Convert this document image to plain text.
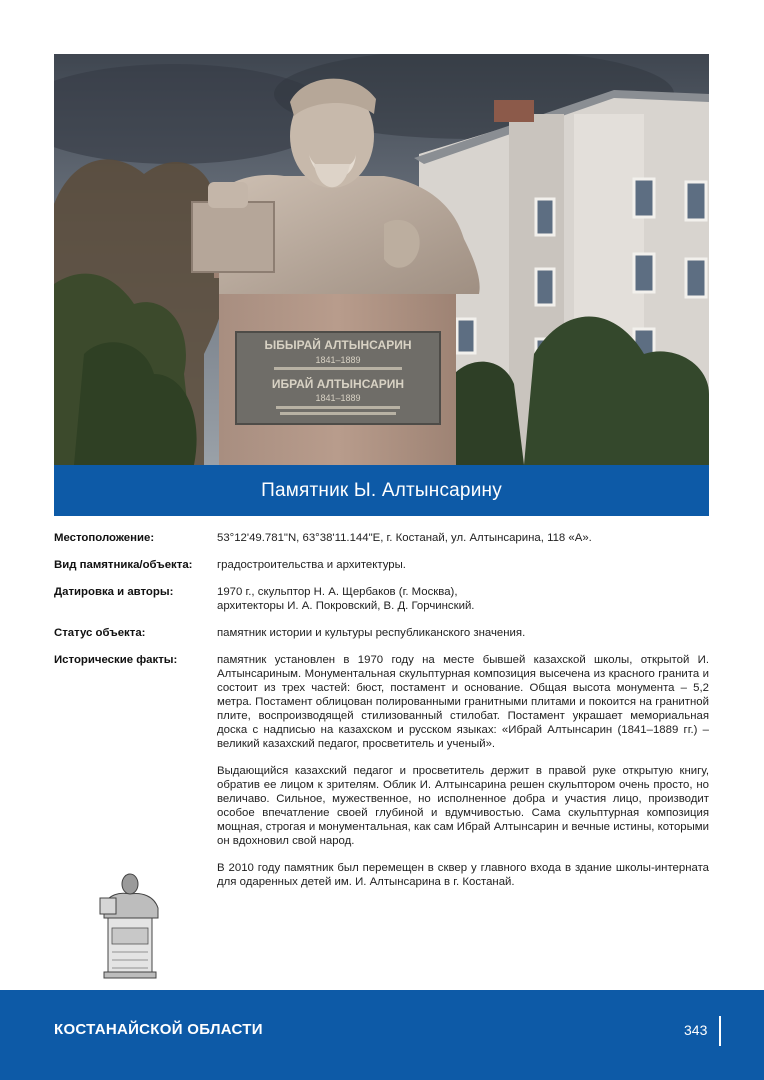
ЫБЫРАЙ АЛТЫНСАРИН
1841–1889
ИБРАЙ АЛТЫНСАРИН
1841–1889
Памятник Ы. Алтынсарину
Местоположение:	53°12'49.781"N, 63°38'11.144"E, г. Костанай, ул. Алтынсарина, 118 «А».
Вид памятника/объекта:	градостроительства и архитектуры.
Датировка и авторы:	1970 г., скульптор Н. А. Щербаков (г. Москва),
архитекторы И. А. Покровский, В. Д. Горчинский.
Статус объекта:	памятник истории и культуры республиканского значения.
Исторические факты:	памятник установлен в 1970 году на месте бывшей казахской школы, открытой И. Алтынсариным. Монументальная скульптурная композиция высечена из красного гранита и состоит из трех частей: бюст, постамент и основание. Общая высота монумента – 5,2 метра. Постамент облицован полированными гранитными плитами и покоится на гранитной плите, воспроизводящей стилизованный стилобат. Постамент украшает мемориальная доска с надписью на казахском и русском языках: «Ибрай Алтынсарин (1841–1889 гг.) – великий казахский педагог, просветитель и ученый».

Выдающийся казахский педагог и просветитель держит в правой руке открытую книгу, обратив ее лицом к зрителям. Облик И. Алтынсарина решен скульптором очень просто, но величаво. Сильное, мужественное, но исполненное добра и участия лицо, производит особое впечатление своей глубиной и вдумчивостью. Сама скульптурная композиция мощная, строгая и монументальная, как сам Ибрай Алтынсарин и вечные истины, которыми он вдохновил свой народ.

В 2010 году памятник был перемещен в сквер у главного входа в здание школы-интерната для одаренных детей им. И. Алтынсарина в г. Костанай.

КОСТАНАЙСКОЙ ОБЛАСТИ	343
